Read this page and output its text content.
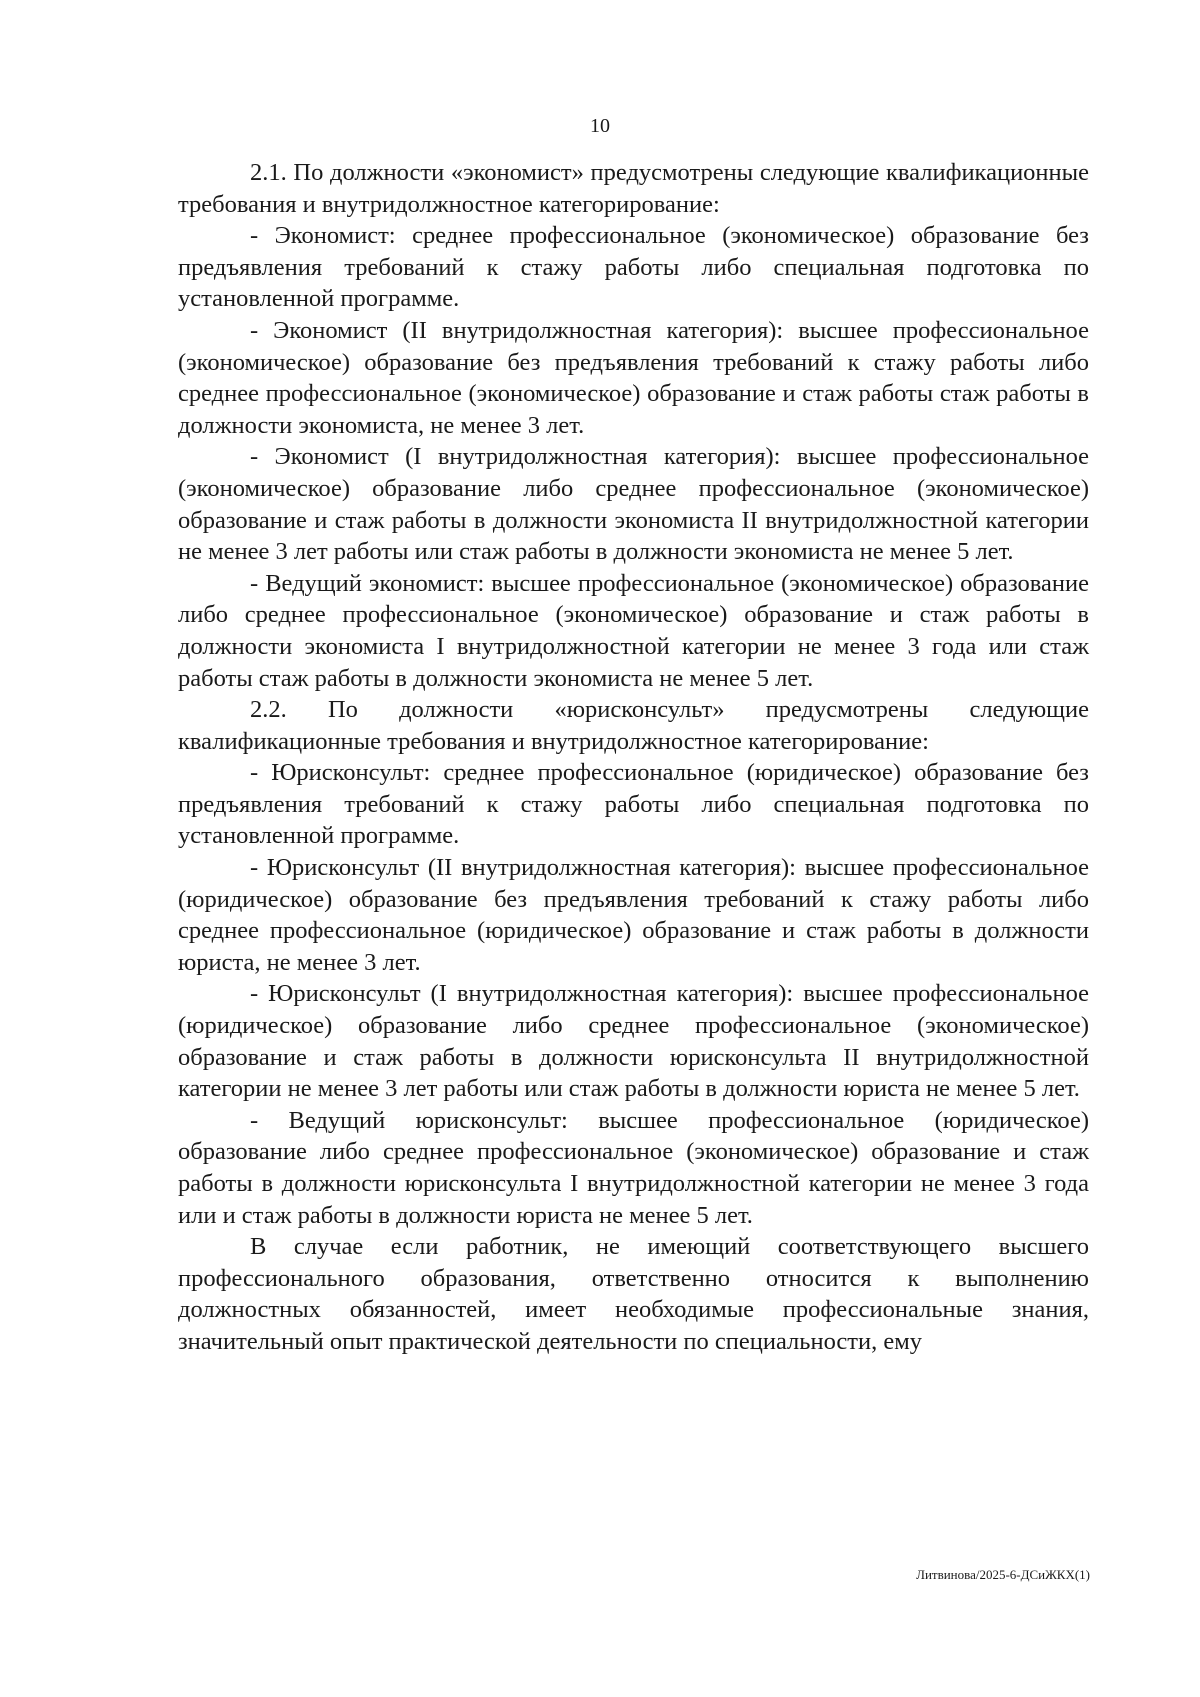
10

2.1. По должности «экономист» предусмотрены следующие квалификационные требования и внутридолжностное категорирование:

- Экономист: среднее профессиональное (экономическое) образование без предъявления требований к стажу работы либо специальная подготовка по установленной программе.

- Экономист (II внутридолжностная категория): высшее профессиональное (экономическое) образование без предъявления требований к стажу работы либо среднее профессиональное (экономическое) образование и стаж работы стаж работы в должности экономиста, не менее 3 лет.

- Экономист (I внутридолжностная категория): высшее профессиональное (экономическое) образование либо среднее профессиональное (экономическое) образование и стаж работы в должности экономиста II внутридолжностной категории не менее 3 лет работы или стаж работы в должности экономиста не менее 5 лет.

- Ведущий экономист: высшее профессиональное (экономическое) образование либо среднее профессиональное (экономическое) образование и стаж работы в должности экономиста I внутридолжностной категории не менее 3 года или стаж работы стаж работы в должности экономиста не менее 5 лет.

2.2. По должности «юрисконсульт» предусмотрены следующие квалификационные требования и внутридолжностное категорирование:

- Юрисконсульт: среднее профессиональное (юридическое) образование без предъявления требований к стажу работы либо специальная подготовка по установленной программе.

- Юрисконсульт (II внутридолжностная категория): высшее профессиональное (юридическое) образование без предъявления требований к стажу работы либо среднее профессиональное (юридическое) образование и стаж работы в должности юриста, не менее 3 лет.

- Юрисконсульт (I внутридолжностная категория): высшее профессиональное (юридическое) образование либо среднее профессиональное (экономическое) образование и стаж работы в должности юрисконсульта II внутридолжностной категории не менее 3 лет работы или стаж работы в должности юриста не менее 5 лет.

- Ведущий юрисконсульт: высшее профессиональное (юридическое) образование либо среднее профессиональное (экономическое) образование и стаж работы в должности юрисконсульта I внутридолжностной категории не менее 3 года или и стаж работы в должности юриста не менее 5 лет.

В случае если работник, не имеющий соответствующего высшего профессионального образования, ответственно относится к выполнению должностных обязанностей, имеет необходимые профессиональные знания, значительный опыт практической деятельности по специальности, ему

Литвинова/2025-6-ДСиЖКХ(1)
